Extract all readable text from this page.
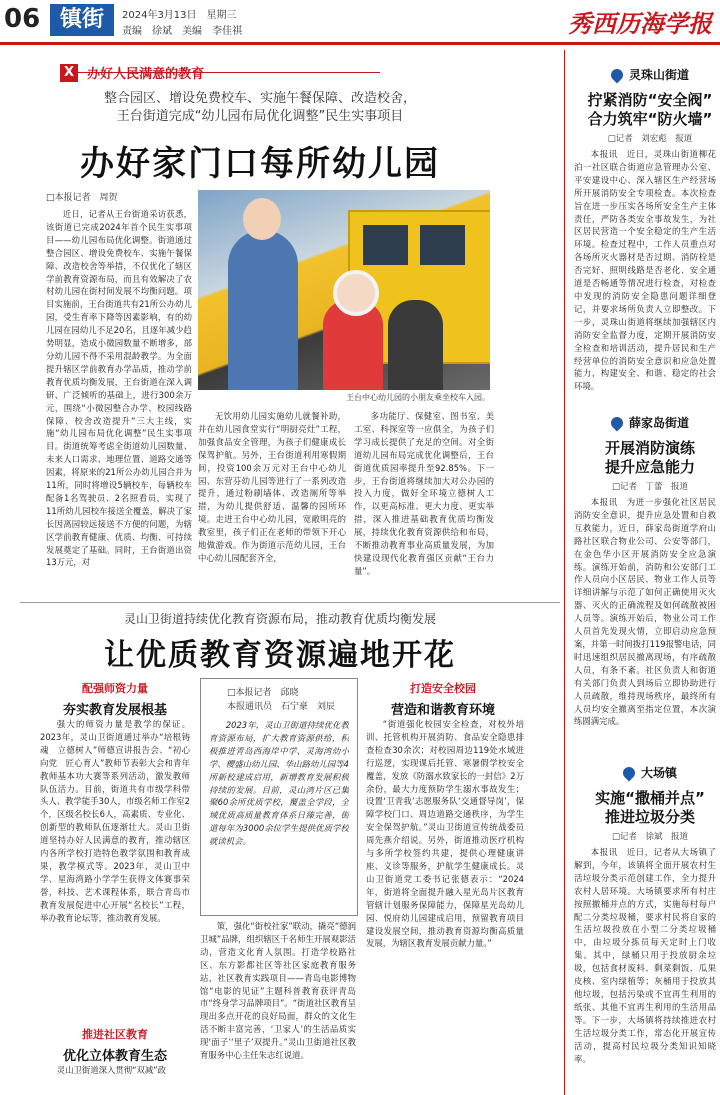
06 镇街	2024年3月13日　 星期三
责编　 徐斌　 美编　 李佳祺	秀西历海学报
X 办好人民满意的教育
整合园区、增设免费校车、实施午餐保障、改造校舍，
王台街道完成“幼儿园布局优化调整”民生实事项目
办好家门口每所幼儿园
□本报记者　周贺
王台中心幼儿园的小朋友乘坐校车入园。
近日，记者从王台街道采访获悉，该街道已完成2024年首个民生实事项目——幼儿园布局优化调整。街道通过整合园区、增设免费校车、实施午餐保障、改造校舍等举措，不仅优化了辖区学前教育资源布局，而且有效解决了农村幼儿园在街村间发展不均衡问题。项目实施前，王台街道共有21所公办幼儿园，受生育率下降等因素影响，有的幼儿园在园幼儿不足20名，且逐年减少趋势明显，造成小微园数量不断增多，部分幼儿园不得不采用混龄教学。为全面提升辖区学前教育办学品质，推动学前教育优质均衡发展，王台街道在深入调研、广泛倾听的基础上，进行300余万元，围绕“小微园整合办学、校园线路保障、校舍改造提升”三大主线，实施“幼儿园布局优化调整”民生实事项目。街道统筹考虑全街道幼儿园数量、未来人口需求、地理位置、道路交通等因素，将原来的21所公办幼儿园合并为11所，同时将增设5辆校车，每辆校车配备1名驾驶员、2名照看员，实现了11所幼儿园校车接送全覆盖，解决了家长因离园较远接送不方便的问题，为辖区学前教育健康、优质、均衡、可持续发展奠定了基础。同时，王台街道出资13万元，对
无饮用幼儿园实施幼儿就餐补助，并在幼儿园食堂实行“明厨亮灶”工程，加强食品安全管理，为孩子们健康成长保驾护航。另外，王台街道利用寒假期间，投资100余万元对王台中心幼儿园、东营芬幼儿园等进行了一系列改造提升，通过粉刷墙体、改造厕所等举措，为幼儿提供舒适、温馨的园所环境。走进王台中心幼儿园，宽敞明亮的教室里，孩子们正在老师的带领下开心地做游戏。作为街道示范幼儿园，王台中心幼儿园配套齐全，
多功能厅、保健室、图书室、美工室、科探室等一应俱全，为孩子们学习成长提供了充足的空间。对全街道幼儿园布局完成优化调整后，王台街道优质园率提升至92.85%。下一步，王台街道将继续加大对公办园的投入力度，做好全环境立德树人工作，以更高标准、更大力度、更实举措，深入推进基础教育优质均衡发展，持续优化教育资源供给和布局，不断推动教育事业高质量发展，为加快建设现代化教育强区贡献“王台力量”。
灵山卫街道持续优化教育资源布局，推动教育优质均衡发展
让优质教育资源遍地开花
配强师资力量
夯实教育发展根基
强大的师资力量是教学的保证。2023年，灵山卫街道通过举办“培根铸魂　立德树人”师德宣讲报告会、“初心向党　匠心育人”教师节表彰大会和青年教师基本功大赛等系列活动，激发教师队伍活力。目前，街道共有市级学科带头人、教学能手30人，市级名师工作室2个，区级名校长6人，高素质、专业化、创新型的教师队伍逐渐壮大。灵山卫街道坚持办好人民满意的教育，推动辖区内各所学校打造特色教学氛围和教育成果，教学模式等。2023年，灵山卫中学、星海湾路小学学生获得文体赛事荣誉，科技、艺术课程体系，联合青岛市教育发展促进中心开展“名校长”工程，举办教育论坛等，推动教育发展。
推进社区教育
优化立体教育生态
灵山卫街道深入贯彻“双减”政
□本报记者　邱晓
本报通讯员　石宁豪　刘辰
2023年，灵山卫街道持续优化教育资源布局，扩大教育资源供给，积极推进青岛西海岸中学、灵海湾幼小学、樱盛山幼儿园、华山路幼儿园等4所新校建成启用，新增教育发展积极持续的发展。目前，灵山湾片区已集聚60余所优质学校，覆盖全学段，全域优质高质量教育体系日臻完善，街道每年为3000余位学生提供优质学校就读机会。
策，强化“街校社家”联动，撬亮“德润卫城”品牌，组织辖区千名师生开展观影活动，营造文化育人氛围。打造学校路社区、东方影都社区等社区家庭教育服务站，社区教育实践项目——青岛电影博物馆“电影的见证”主题科普教育获评青岛市“终身学习品牌项目”。“街道社区教育呈现出多点开花的良好局面，群众的文化生活不断丰富完善，‘卫家人’的生活品质实现‘面子’‘里子’双提升。”灵山卫街道社区教育服务中心主任朱志红说道。
打造安全校园
营造和谐教育环境
“街道强化校园安全检查，对校外培训、托管机构开展消防、食品安全隐患排查检查30余次；对校园周边119处水域进行巡逻，实现课后托管、寒暑假学校安全覆盖，发放《防溺水致家长的一封信》2万余份，最大力度预防学生溺水事故发生；设置‘卫青我’志愿服务队‘交通督导岗’，保障学校门口、周边道路交通秩序，为学生安全保驾护航。”灵山卫街道宣传统战委员周先燕介绍说。另外，街道推动医疗机构与多所学校签约共建，提供心理健康讲座、义诊等服务，护航学生健康成长。灵山卫街道党工委书记张德表示：“2024年，街道将全面提升融入星光岛片区教育管辖计划服务保障能力，保障星光岛幼儿园、悦府幼儿园建成启用，预留教育项目建设发展空间，推动教育资源均衡高质量发展，为辖区教育发展贡献力量。”
灵珠山街道
拧紧消防“安全阀”
合力筑牢“防火墙”
□记者　刘宏彪　报道
本报讯　近日，灵珠山街道柳花泊一社区联合街道应急管理办公室、平安建设中心、深入辖区生产经营场所开展消防安全专项检查。本次检查旨在进一步压实各场所安全生产主体责任，严防各类安全事故发生，为社区居民营造一个安全稳定的生产生活环境。检查过程中，工作人员重点对各场所灭火器材是否过期、消防栓是否完好、照明线路是否老化、安全通道是否畅通等情况进行检查，对检查中发现的消防安全隐患问题详细登记，并要求场所负责人立即整改。下一步，灵珠山街道将继续加强辖区内消防安全监督力度，定期开展消防安全检查和培训活动，提升居民和生产经营单位的消防安全意识和应急处置能力，构建安全、和谐、稳定的社会环境。
薛家岛街道
开展消防演练
提升应急能力
□记者　丁蕾　报道
本报讯　为进一步强化社区居民消防安全意识，提升应急处置和自救互救能力，近日，薛家岛街道学府山路社区联合物业公司、公安等部门，在金色华小区开展消防安全应急演练。演练开始前，消防和公安部门工作人员向小区居民、物业工作人员等详细讲解与示范了如何正确使用灭火器、灭火的正确流程及如何疏散被困人员等。演练开始后，物业公司工作人员首先发现火情，立即启动应急预案，并第一时间拨打119报警电话，同时迅速组织居民撤离现场，有序疏散人员，有条不紊。社区负责人和街道有关部门负责人到场后立即协助进行人员疏散，维持现场秩序，最终所有人员均安全撤离至指定位置，本次演练圆满完成。
大场镇
实施“撒桶并点”
推进垃圾分类
□记者　徐斌　报道
本报讯　近日，记者从大场镇了解到，今年，该镇将全面开展农村生活垃圾分类示范创建工作，全力提升农村人居环境。大场镇要求所有村庄按照撤桶并点的方式，实施每村每户配二分类垃圾桶，要求村民将自家的生活垃圾投放在小型二分类垃圾桶中，由垃圾分拣员每天定时上门收集。其中，绿桶只用于投放厨余垃圾，包括食材废料、剩菜剩饭、瓜果皮核、室内绿植等；灰桶用于投放其他垃圾，包括污染或不宜再生利用的纸张、其他不宜再生利用的生活用品等。下一步，大场镇将持续推进农村生活垃圾分类工作，常态化开展宣传活动，提高村民垃圾分类知识知晓率。
